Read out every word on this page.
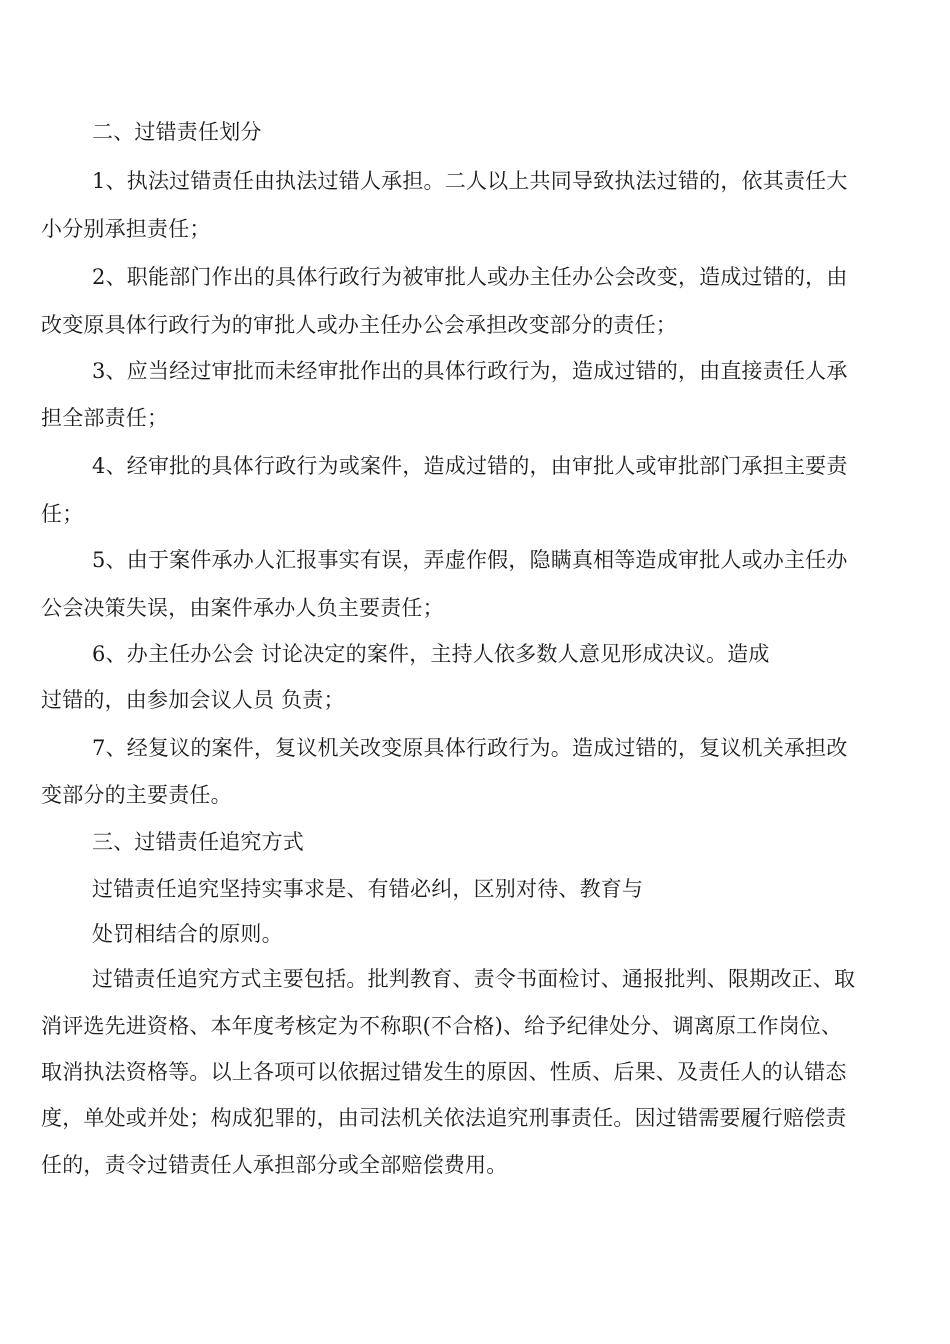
二、过错责任划分
1、执法过错责任由执法过错人承担。二人以上共同导致执法过错的，依其责任大
小分别承担责任；
2、职能部门作出的具体行政行为被审批人或办主任办公会改变，造成过错的，由
改变原具体行政行为的审批人或办主任办公会承担改变部分的责任；
3、应当经过审批而未经审批作出的具体行政行为，造成过错的，由直接责任人承
担全部责任；
4、经审批的具体行政行为或案件，造成过错的，由审批人或审批部门承担主要责
任；
5、由于案件承办人汇报事实有误，弄虚作假，隐瞒真相等造成审批人或办主任办
公会决策失误，由案件承办人负主要责任；
6、办主任办公会 讨论决定的案件，主持人依多数人意见形成决议。造成
过错的，由参加会议人员 负责；
7、经复议的案件，复议机关改变原具体行政行为。造成过错的，复议机关承担改
变部分的主要责任。
三、过错责任追究方式
过错责任追究坚持实事求是、有错必纠，区别对待、教育与
处罚相结合的原则。
过错责任追究方式主要包括。批判教育、责令书面检讨、通报批判、限期改正、取
消评选先进资格、本年度考核定为不称职(不合格)、给予纪律处分、调离原工作岗位、
取消执法资格等。以上各项可以依据过错发生的原因、性质、后果、及责任人的认错态
度，单处或并处；构成犯罪的，由司法机关依法追究刑事责任。因过错需要履行赔偿责
任的，责令过错责任人承担部分或全部赔偿费用。
